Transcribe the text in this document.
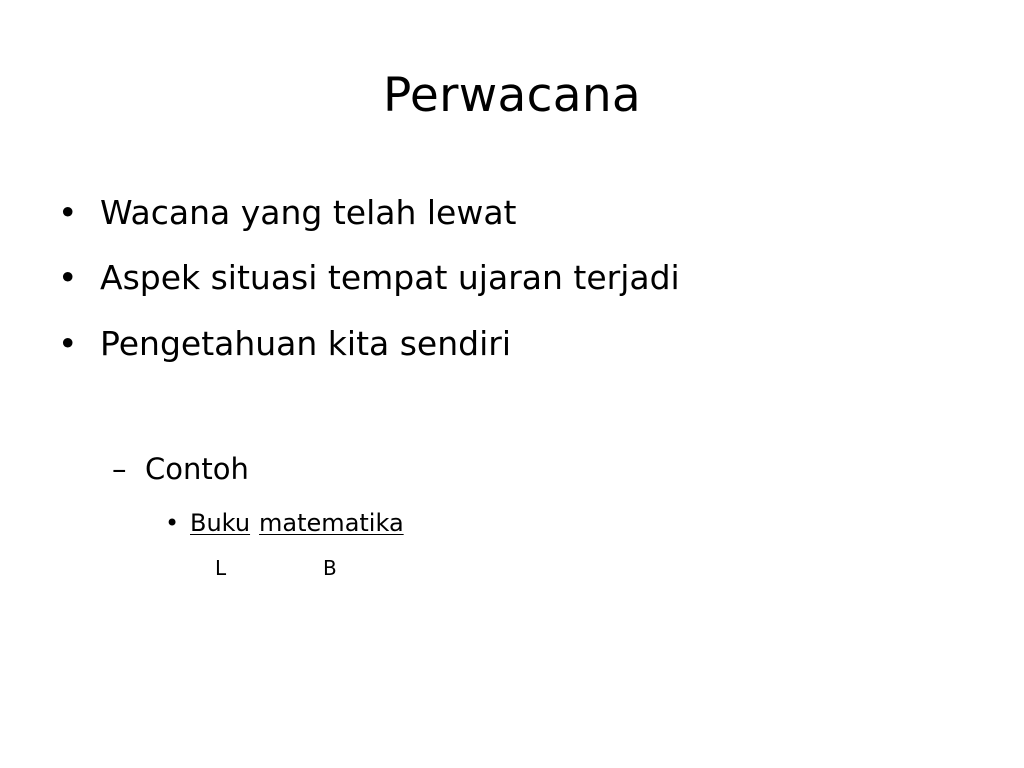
Perwacana
• Wacana yang telah lewat
• Aspek situasi tempat ujaran terjadi
• Pengetahuan kita sendiri
– Contoh
• Buku matematika
L	B
